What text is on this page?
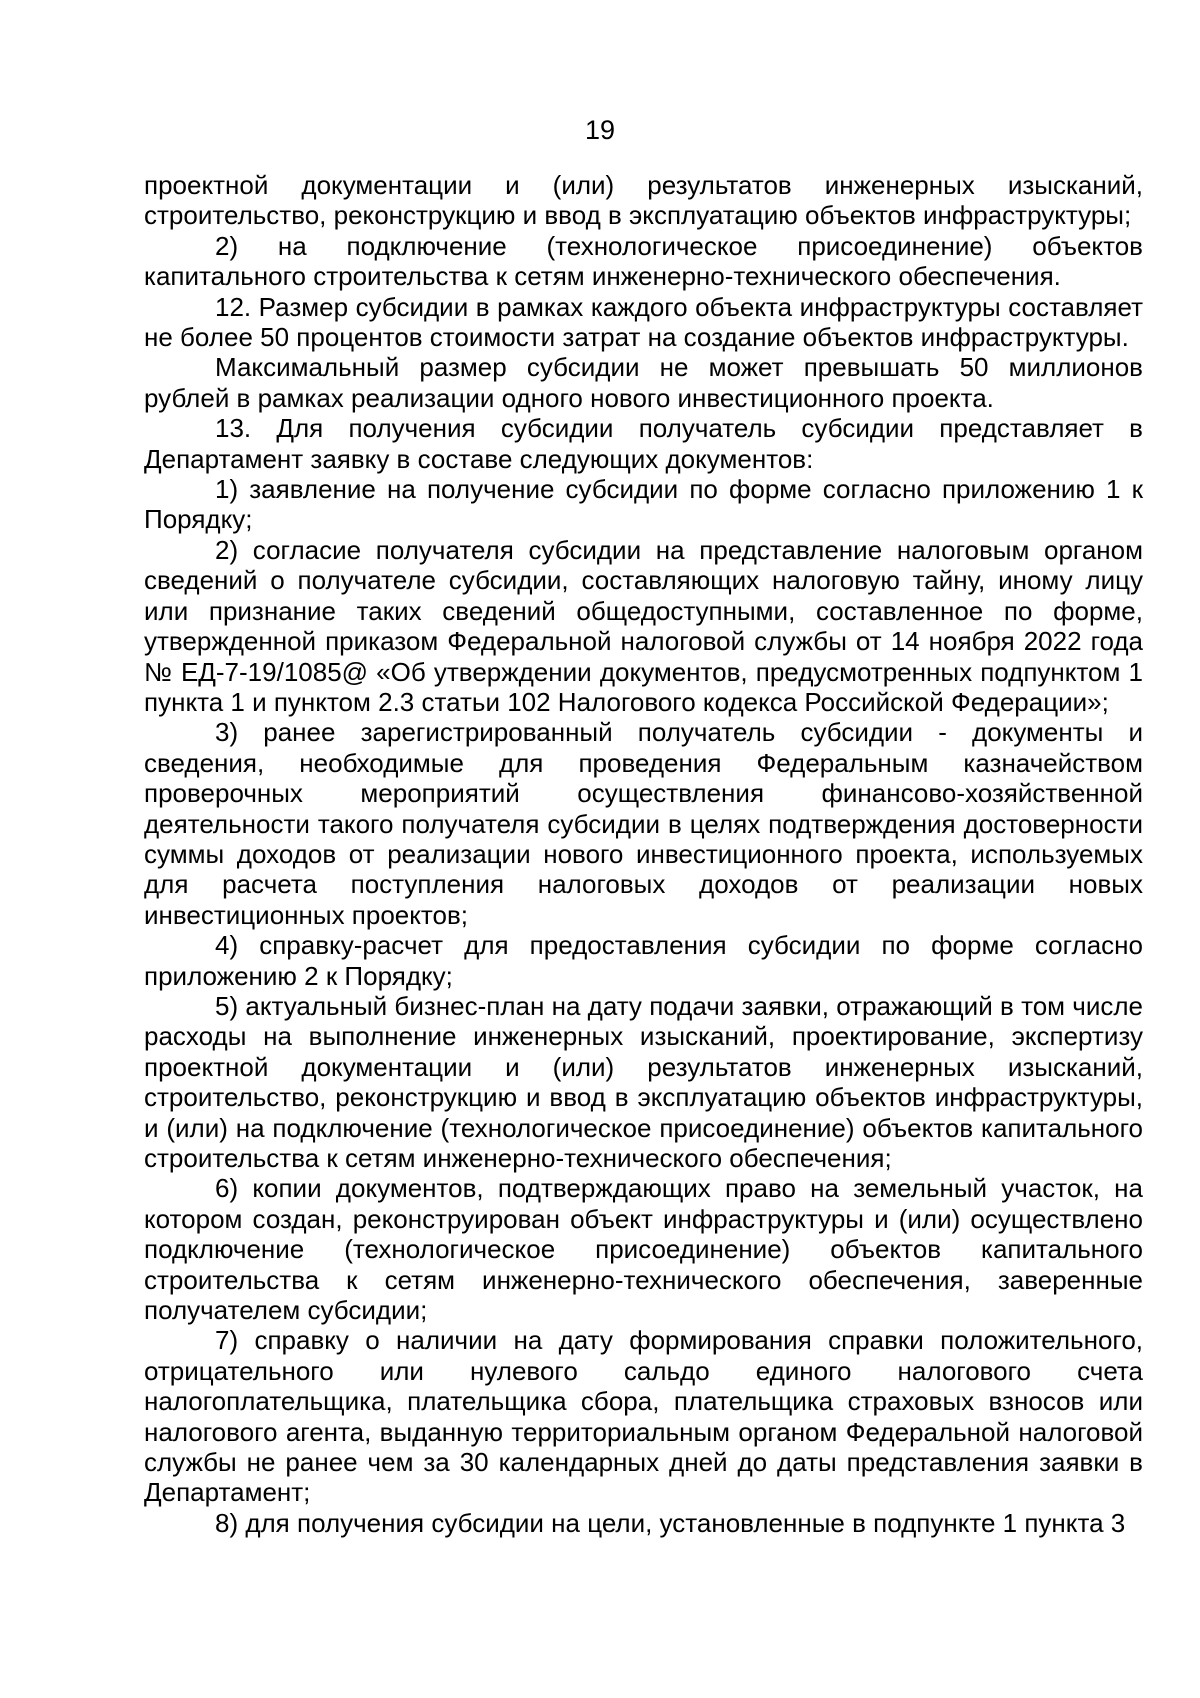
19

проектной документации и (или) результатов инженерных изысканий, строительство, реконструкцию и ввод в эксплуатацию объектов инфраструктуры;

2) на подключение (технологическое присоединение) объектов капитального строительства к сетям инженерно-технического обеспечения.

12. Размер субсидии в рамках каждого объекта инфраструктуры составляет не более 50 процентов стоимости затрат на создание объектов инфраструктуры.

Максимальный размер субсидии не может превышать 50 миллионов рублей в рамках реализации одного нового инвестиционного проекта.

13. Для получения субсидии получатель субсидии представляет в Департамент заявку в составе следующих документов:

1) заявление на получение субсидии по форме согласно приложению 1 к Порядку;

2) согласие получателя субсидии на представление налоговым органом сведений о получателе субсидии, составляющих налоговую тайну, иному лицу или признание таких сведений общедоступными, составленное по форме, утвержденной приказом Федеральной налоговой службы от 14 ноября 2022 года № ЕД-7-19/1085@ «Об утверждении документов, предусмотренных подпунктом 1 пункта 1 и пунктом 2.3 статьи 102 Налогового кодекса Российской Федерации»;

3) ранее зарегистрированный получатель субсидии - документы и сведения, необходимые для проведения Федеральным казначейством проверочных мероприятий осуществления финансово-хозяйственной деятельности такого получателя субсидии в целях подтверждения достоверности суммы доходов от реализации нового инвестиционного проекта, используемых для расчета поступления налоговых доходов от реализации новых инвестиционных проектов;

4) справку-расчет для предоставления субсидии по форме согласно приложению 2 к Порядку;

5) актуальный бизнес-план на дату подачи заявки, отражающий в том числе расходы на выполнение инженерных изысканий, проектирование, экспертизу проектной документации и (или) результатов инженерных изысканий, строительство, реконструкцию и ввод в эксплуатацию объектов инфраструктуры, и (или) на подключение (технологическое присоединение) объектов капитального строительства к сетям инженерно-технического обеспечения;

6) копии документов, подтверждающих право на земельный участок, на котором создан, реконструирован объект инфраструктуры и (или) осуществлено подключение (технологическое присоединение) объектов капитального строительства к сетям инженерно-технического обеспечения, заверенные получателем субсидии;

7) справку о наличии на дату формирования справки положительного, отрицательного или нулевого сальдо единого налогового счета налогоплательщика, плательщика сбора, плательщика страховых взносов или налогового агента, выданную территориальным органом Федеральной налоговой службы не ранее чем за 30 календарных дней до даты представления заявки в Департамент;

8) для получения субсидии на цели, установленные в подпункте 1 пункта 3
